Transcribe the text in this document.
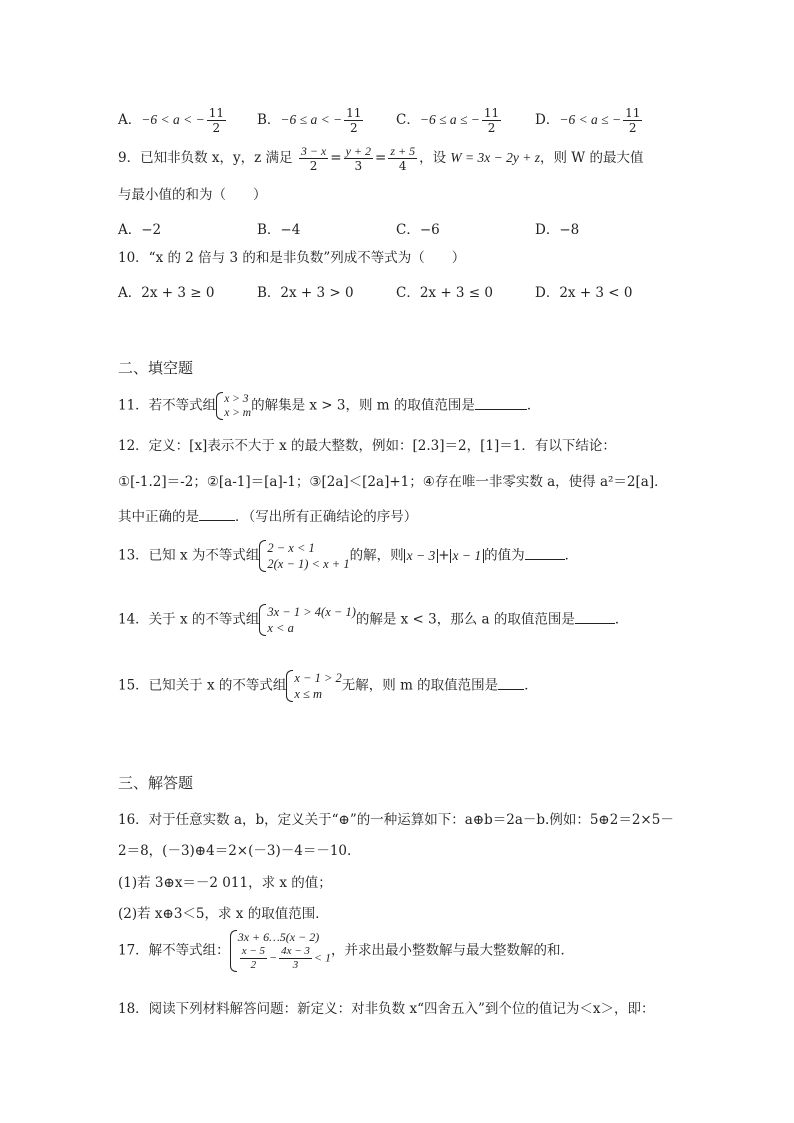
A．−6 < a < − $\frac{11}{2}$ B．−6 ≤ a < − $\frac{11}{2}$ C．−6 ≤ a ≤ − $\frac{11}{2}$	D．−6 < a ≤ − $\frac{11}{2}$
9．已知非负数 x，y，z 满足 $\frac{3 - x}{2} = \frac{y + 2}{3} = \frac{z + 5}{4}$ ，设 W = 3x − 2y + z，则 W 的最大值
与最小值的和为（　　）
A．−2	B．−4	C．−6	D．−8
10．“x 的 2 倍与 3 的和是非负数”列成不等式为（　　）
A．2x + 3 ≥ 0	B．2x + 3 > 0	C．2x + 3 ≤ 0	D．2x + 3 < 0
二、填空题
11．若不等式组 x > 3
x > m 的解集是 x > 3，则 m 的取值范围是	．
12．定义：[x]表示不大于 x 的最大整数，例如：[2.3]＝2，[1]＝1．有以下结论：
①[-1.2]＝-2；②[a-1]＝[a]-1；③[2a]＜[2a]+1；④存在唯一非零实数 a，使得 a²＝2[a]．
其中正确的是	．（写出所有正确结论的序号）
13．已知 x 为不等式组 2 − x < 1
2(x − 1) < x + 1
的解，则 x − 3 + x − 1 的值为	．
14．关于 x 的不等式组 3x − 1 > 4(x − 1)
x < a
的解是 x < 3，那么 a 的取值范围是	．
15．已知关于 x 的不等式组 x − 1 > 2
x ≤ m
无解，则 m 的取值范围是 ．
三、解答题
16．对于任意实数 a，b，定义关于“⊕”的一种运算如下：a⊕b＝2a－b.例如：5⊕2＝2×5－
2＝8，(－3)⊕4＝2×(－3)－4＝－10.
(1)若 3⊕x＝－2 011，求 x 的值；
(2)若 x⊕3＜5，求 x 的取值范围．
17．解不等式组：
3x + 6…5(x − 2)
$\frac{x - 5}{2} - \frac{4x - 3}{3} < 1$ ，并求出最小整数解与最大整数解的和．
18．阅读下列材料解答问题：新定义：对非负数 x“四舍五入”到个位的值记为＜x＞，即：
